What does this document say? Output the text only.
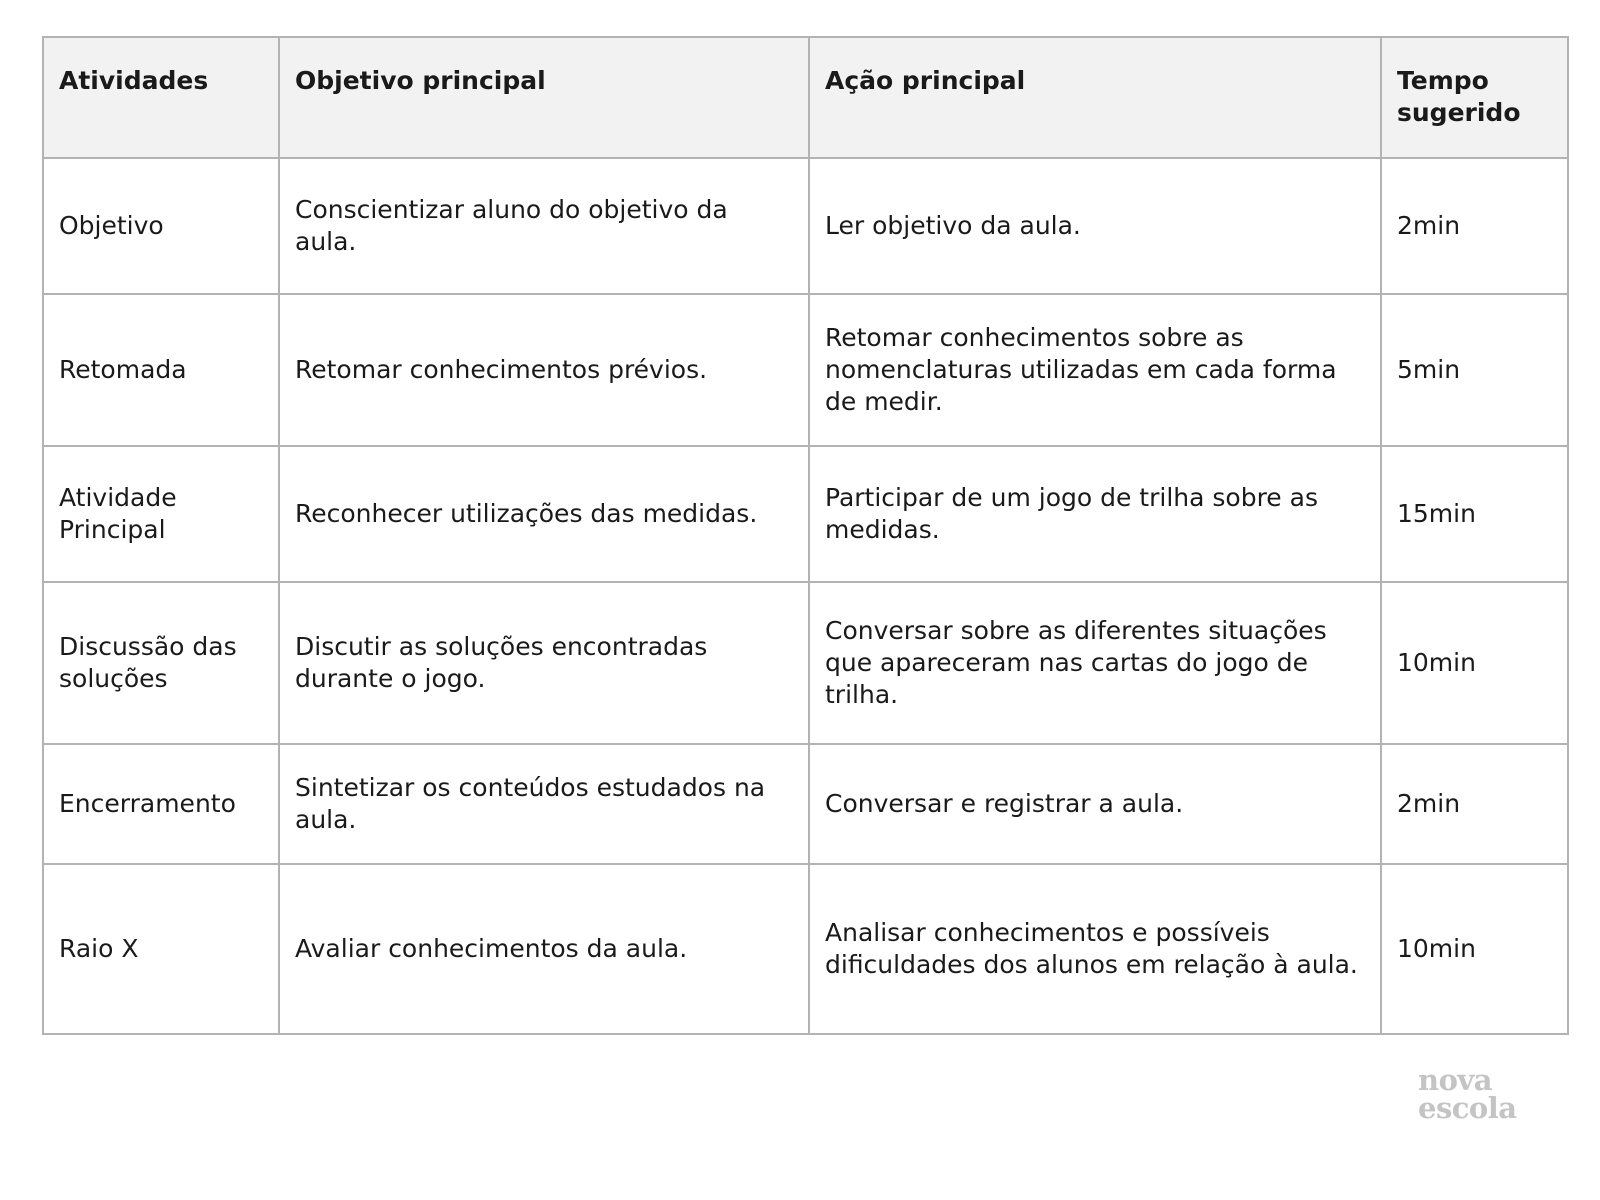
Atividades	Objetivo principal	Ação principal	Tempo sugerido
Objetivo	Conscientizar aluno do objetivo da aula.	Ler objetivo da aula.	2min
Retomada	Retomar conhecimentos prévios.	Retomar conhecimentos sobre as nomenclaturas utilizadas em cada forma de medir.	5min
Atividade Principal	Reconhecer utilizações das medidas.	Participar de um jogo de trilha sobre as medidas.	15min
Discussão das soluções	Discutir as soluções encontradas durante o jogo.	Conversar sobre as diferentes situações que apareceram nas cartas do jogo de trilha.	10min
Encerramento	Sintetizar os conteúdos estudados na aula.	Conversar e registrar a aula.	2min
Raio X	Avaliar conhecimentos da aula.	Analisar conhecimentos e possíveis dificuldades dos alunos em relação à aula.	10min
nova
escola
